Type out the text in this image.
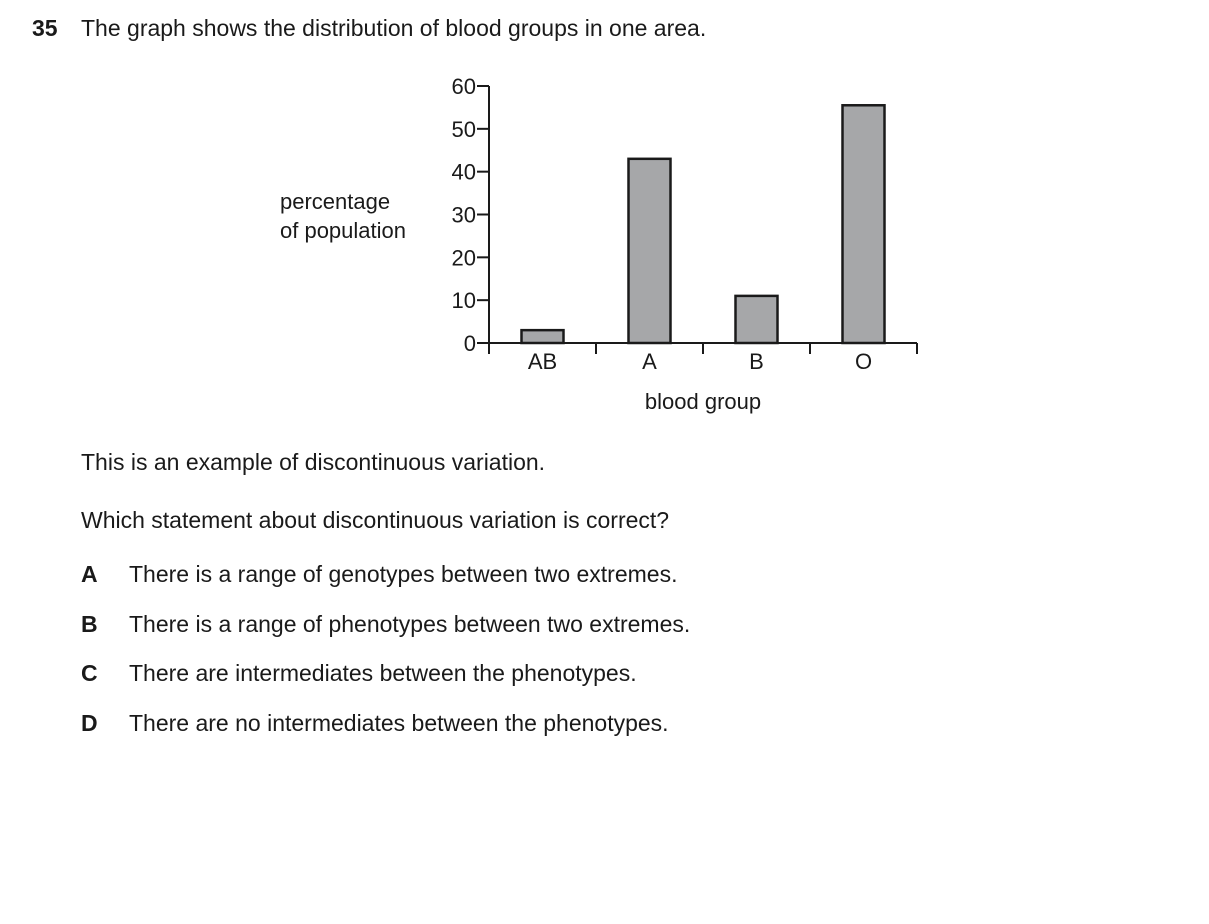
35 The graph shows the distribution of blood groups in one area.
0
10
20
30
40
50
60
AB	A	B	O
blood group
percentage
of population
This is an example of discontinuous variation.
Which statement about discontinuous variation is correct?
A There is a range of genotypes between two extremes.
B There is a range of phenotypes between two extremes.
C There are intermediates between the phenotypes.
D There are no intermediates between the phenotypes.
